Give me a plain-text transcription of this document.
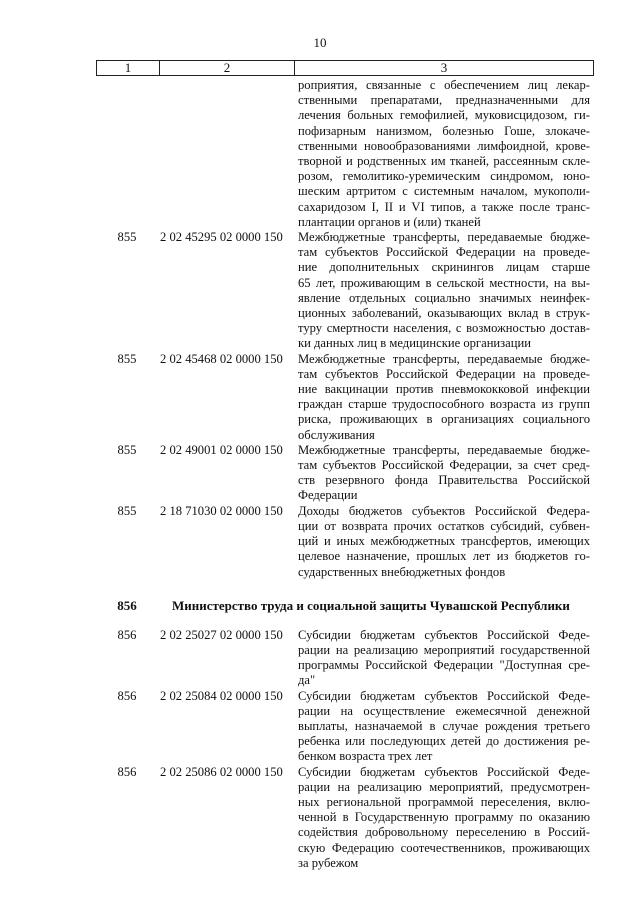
10
1	2	3
роприятия, связанные с обеспечением лиц лекар-
ственными препаратами, предназначенными для
лечения больных гемофилией, муковисцидозом, ги-
пофизарным нанизмом, болезнью Гоше, злокаче-
ственными новообразованиями лимфоидной, крове-
творной и родственных им тканей, рассеянным скле-
розом, гемолитико-уремическим синдромом, юно-
шеским артритом с системным началом, мукополи-
сахаридозом I, II и VI типов, а также после транс-
плантации органов и (или) тканей
855	2 02 45295 02 0000 150	Межбюджетные трансферты, передаваемые бюдже-
там субъектов Российской Федерации на проведе-
ние дополнительных скринингов лицам старше
65 лет, проживающим в сельской местности, на вы-
явление отдельных социально значимых неинфек-
ционных заболеваний, оказывающих вклад в струк-
туру смертности населения, с возможностью достав-
ки данных лиц в медицинские организации
855	2 02 45468 02 0000 150	Межбюджетные трансферты, передаваемые бюдже-
там субъектов Российской Федерации на проведе-
ние вакцинации против пневмококковой инфекции
граждан старше трудоспособного возраста из групп
риска, проживающих в организациях социального
обслуживания
855	2 02 49001 02 0000 150	Межбюджетные трансферты, передаваемые бюдже-
там субъектов Российской Федерации, за счет сред-
ств резервного фонда Правительства Российской
Федерации
855	2 18 71030 02 0000 150	Доходы бюджетов субъектов Российской Федера-
ции от возврата прочих остатков субсидий, субвен-
ций и иных межбюджетных трансфертов, имеющих
целевое назначение, прошлых лет из бюджетов го-
сударственных внебюджетных фондов
856	Министерство труда и социальной защиты Чувашской Республики
856	2 02 25027 02 0000 150	Субсидии бюджетам субъектов Российской Феде-
рации на реализацию мероприятий государственной
программы Российской Федерации "Доступная сре-
да"
856	2 02 25084 02 0000 150	Субсидии бюджетам субъектов Российской Феде-
рации на осуществление ежемесячной денежной
выплаты, назначаемой в случае рождения третьего
ребенка или последующих детей до достижения ре-
бенком возраста трех лет
856	2 02 25086 02 0000 150	Субсидии бюджетам субъектов Российской Феде-
рации на реализацию мероприятий, предусмотрен-
ных региональной программой переселения, вклю-
ченной в Государственную программу по оказанию
содействия добровольному переселению в Россий-
скую Федерацию соотечественников, проживающих
за рубежом
